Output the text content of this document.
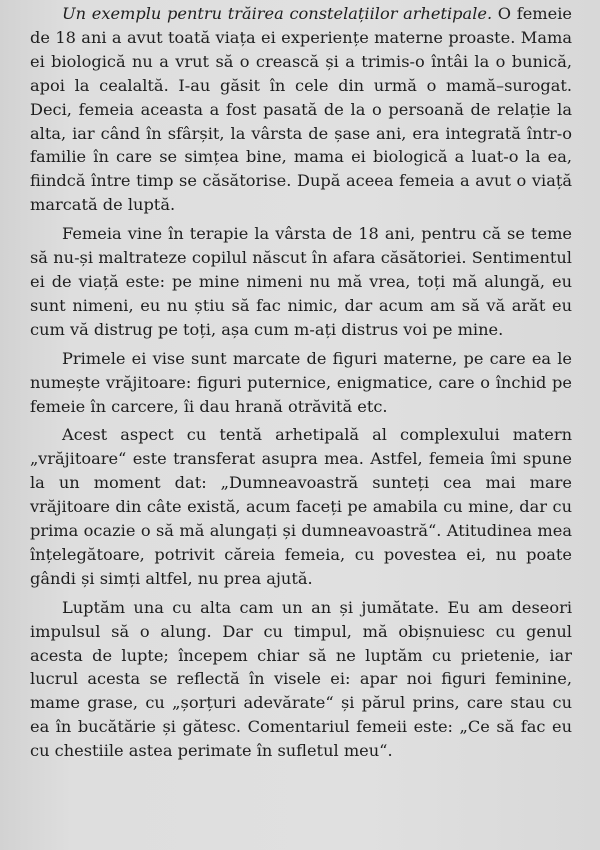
Un exemplu pentru trăirea constelațiilor arhetipale. O femeie de 18 ani a avut toată viața ei experiențe materne proaste. Mama ei biologică nu a vrut să o crească și a trimis-o întâi la o bunică, apoi la cealaltă. I-au găsit în cele din urmă o mamă–surogat. Deci, femeia aceasta a fost pasată de la o persoană de relație la alta, iar când în sfârșit, la vârsta de șase ani, era integrată într-o familie în care se simțea bine, mama ei biologică a luat-o la ea, fiindcă între timp se căsătorise. După aceea femeia a avut o viață marcată de luptă.

Femeia vine în terapie la vârsta de 18 ani, pentru că se teme să nu-și maltrateze copilul născut în afara căsătoriei. Sentimentul ei de viață este: pe mine nimeni nu mă vrea, toți mă alungă, eu sunt nimeni, eu nu știu să fac nimic, dar acum am să vă arăt eu cum vă distrug pe toți, așa cum m-ați distrus voi pe mine.

Primele ei vise sunt marcate de figuri materne, pe care ea le numește vrăjitoare: figuri puternice, enigmatice, care o închid pe femeie în carcere, îi dau hrană otrăvită etc.

Acest aspect cu tentă arhetipală al complexului matern „vrăjitoare“ este transferat asupra mea. Astfel, femeia îmi spune la un moment dat: „Dumneavoastră sunteți cea mai mare vrăjitoare din câte există, acum faceți pe amabila cu mine, dar cu prima ocazie o să mă alungați și dumneavoastră“. Atitudinea mea înțelegătoare, potrivit căreia femeia, cu povestea ei, nu poate gândi și simți altfel, nu prea ajută.

Luptăm una cu alta cam un an și jumătate. Eu am deseori impulsul să o alung. Dar cu timpul, mă obișnuiesc cu genul acesta de lupte; începem chiar să ne luptăm cu prietenie, iar lucrul acesta se reflectă în visele ei: apar noi figuri feminine, mame grase, cu „șorțuri adevărate“ și părul prins, care stau cu ea în bucătărie și gătesc. Comentariul femeii este: „Ce să fac eu cu chestiile astea perimate în sufletul meu“.
